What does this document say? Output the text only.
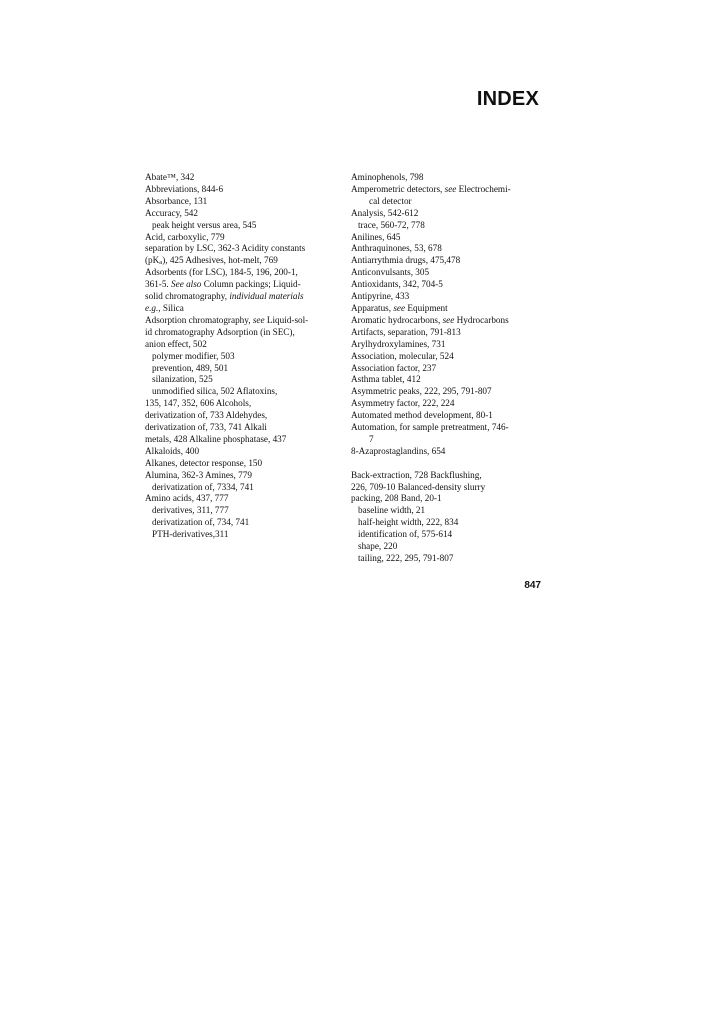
INDEX
Abate™, 342
Abbreviations, 844-6
Absorbance, 131
Accuracy, 542
peak height versus area, 545
Acid, carboxylic, 779
separation by LSC, 362-3 Acidity constants
$(pK_a)$, 425 Adhesives, hot-melt, 769
Adsorbents (for LSC), 184-5, 196, 200-1,
361-5. See also Column packings; Liquid-
solid chromatography, individual materials
e.g., Silica
Adsorption chromatography, see Liquid-sol-
id chromatography Adsorption (in SEC),
anion effect, 502
polymer modifier, 503
prevention, 489, 501
silanization, 525
unmodified silica, 502 Aflatoxins,
135, 147, 352, 606 Alcohols,
derivatization of, 733 Aldehydes,
derivatization of, 733, 741 Alkali
metals, 428 Alkaline phosphatase, 437
Alkaloids, 400
Alkanes, detector response, 150
Alumina, 362-3 Amines, 779
derivatization of, 7334, 741
Amino acids, 437, 777
derivatives, 311, 777
derivatization of, 734, 741
PTH-derivatives,311
Aminophenols, 798
Amperometric detectors, see Electrochemi-
cal detector
Analysis, 542-612
trace, 560-72, 778
Anilines, 645
Anthraquinones, 53, 678
Antiarrythmia drugs, 475,478
Anticonvulsants, 305
Antioxidants, 342, 704-5
Antipyrine, 433
Apparatus, see Equipment
Aromatic hydrocarbons, see Hydrocarbons
Artifacts, separation, 791-813
Arylhydroxylamines, 731
Association, molecular, 524
Association factor, 237
Asthma tablet, 412
Asymmetric peaks, 222, 295, 791-807
Asymmetry factor, 222, 224
Automated method development, 80-1
Automation, for sample pretreatment, 746-
7
8-Azaprostaglandins, 654
Back-extraction, 728 Backflushing,
226, 709-10 Balanced-density slurry
packing, 208 Band, 20-1
baseline width, 21
half-height width, 222, 834
identification of, 575-614
shape, 220
tailing, 222, 295, 791-807
847
